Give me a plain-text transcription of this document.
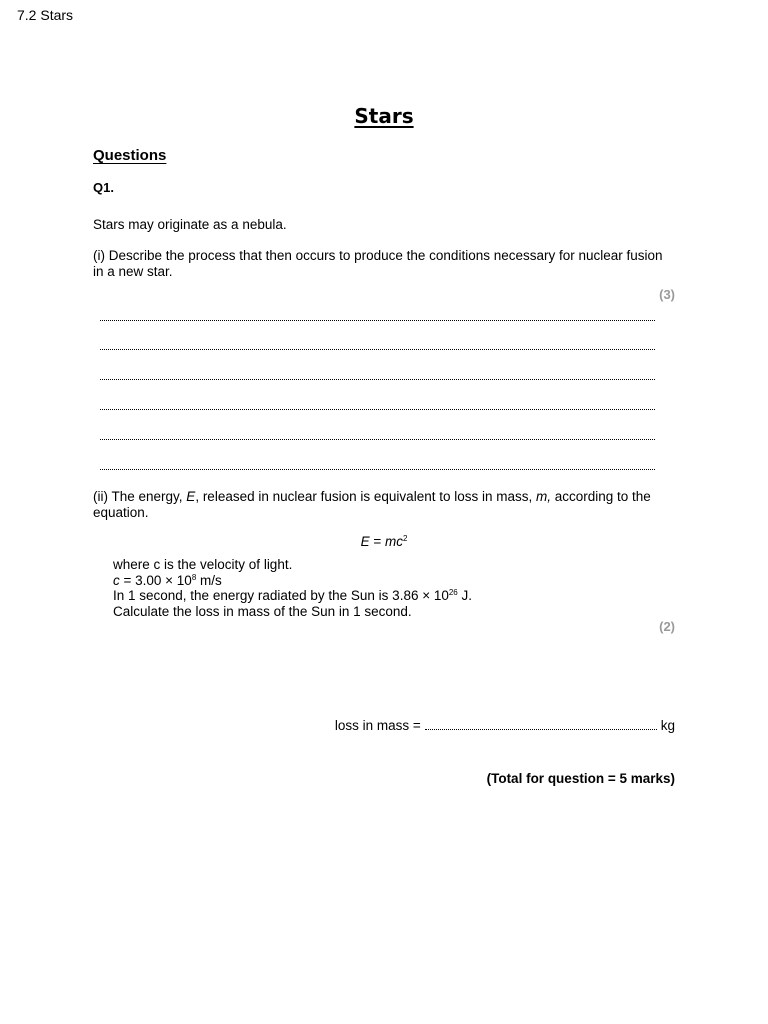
7.2 Stars
Stars
Questions
Q1.
Stars may originate as a nebula.
(i) Describe the process that then occurs to produce the conditions necessary for nuclear fusion in a new star.
(3)
(ii) The energy, E, released in nuclear fusion is equivalent to loss in mass, m, according to the equation.
$E = mc^2$
where c is the velocity of light.
$c = 3.00 \times 10^8$ m/s
In 1 second, the energy radiated by the Sun is $3.86 \times 10^{26}$ J.
Calculate the loss in mass of the Sun in 1 second.
(2)
loss in mass =	kg
(Total for question = 5 marks)
